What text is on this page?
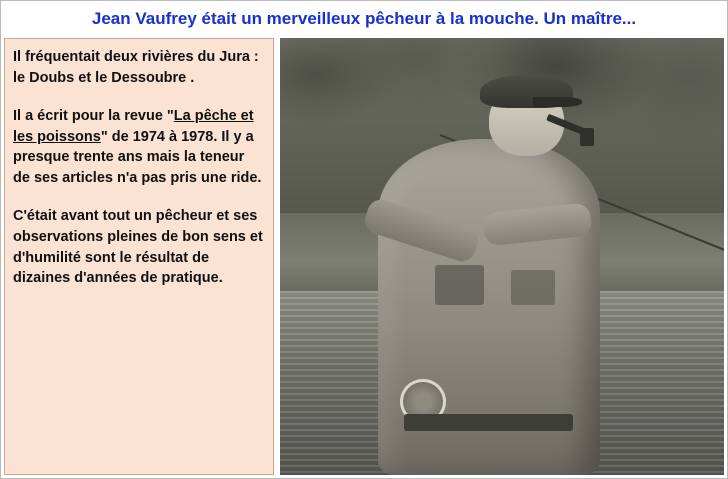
Jean Vaufrey était un merveilleux pêcheur à la mouche. Un maître...

Il fréquentait deux rivières du Jura : le Doubs et le Dessoubre .

Il a écrit pour la revue "La pêche et les poissons" de 1974 à 1978. Il y a presque trente ans mais la teneur de ses articles n'a pas pris une ride.

C'était avant tout un pêcheur et ses observations pleines de bon sens et d'humilité sont le résultat de dizaines d'années de pratique.
